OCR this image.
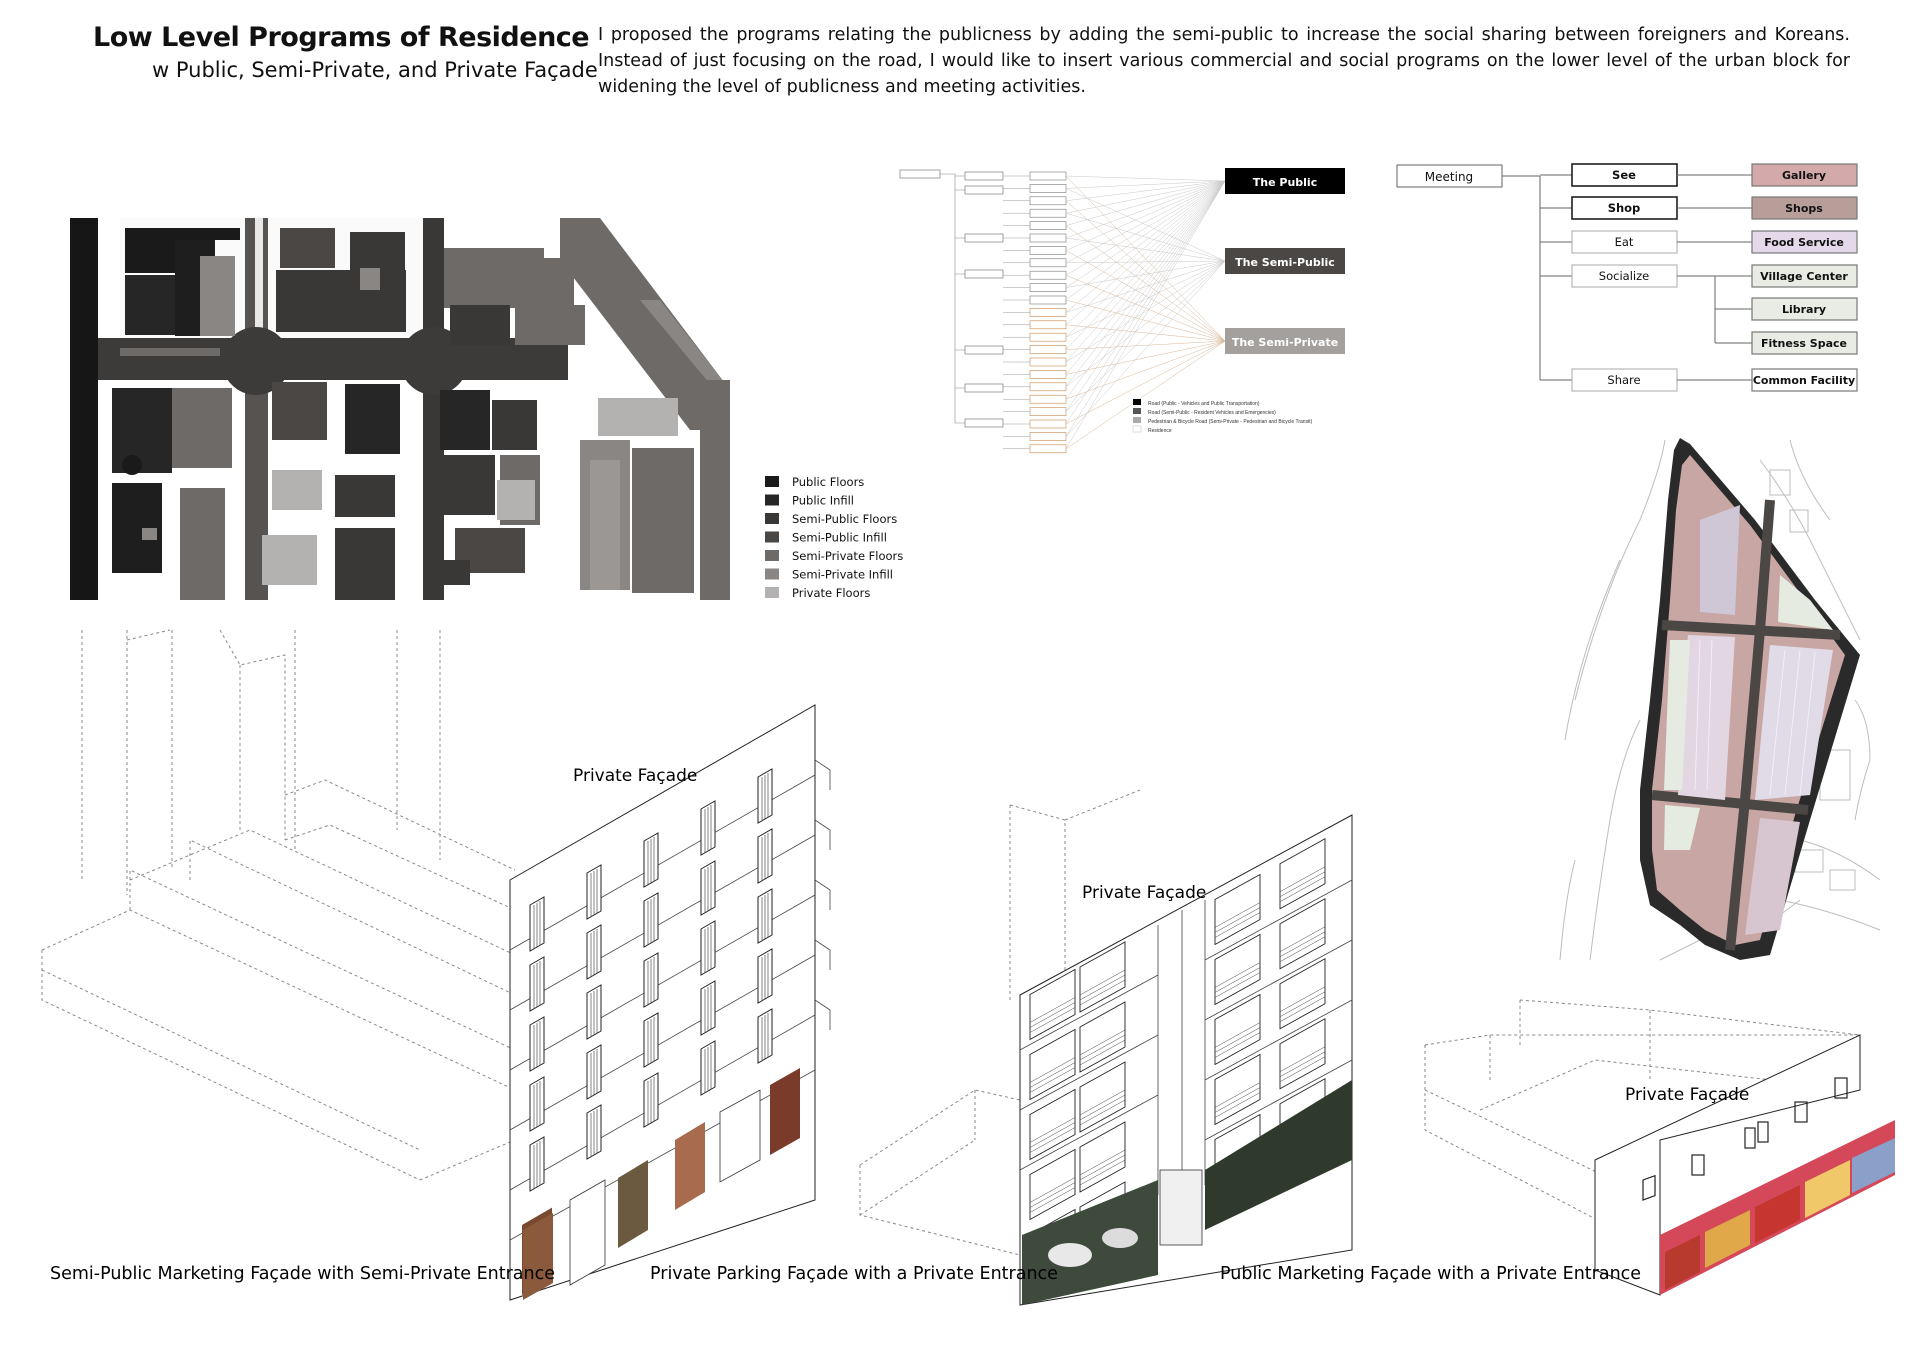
Low Level Programs of Residence
w Public, Semi-Private, and Private Façade
I proposed the programs relating the publicness by adding the semi-public to increase the social sharing between foreigners and Koreans. Instead of just focusing on the road, I would like to insert various commercial and social programs on the lower level of the urban block for widening the level of publicness and meeting activities.
Public Floors
Public Infill
Semi-Public Floors
Semi-Public Infill
Semi-Private Floors
Semi-Private Infill
Private Floors
The Public
The Semi-Public
The Semi-Private
Road (Public - Vehicles and Public Transportation)
Road (Semi-Public - Resident Vehicles and Emergencies)
Pedestrian & Bicycle Road (Semi-Private - Pedestrian and Bicycle Transit)
Residence
Meeting	See	Gallery
Shop	Shops
Eat	Food Service
Socialize	Village Center
Library
Fitness Space
Share	Common Facility
Private Façade
Private Façade
Private Façade
Semi-Public Marketing Façade with Semi-Private Entrance	Private Parking Façade with a Private Entrance	Public Marketing Façade with a Private Entrance
